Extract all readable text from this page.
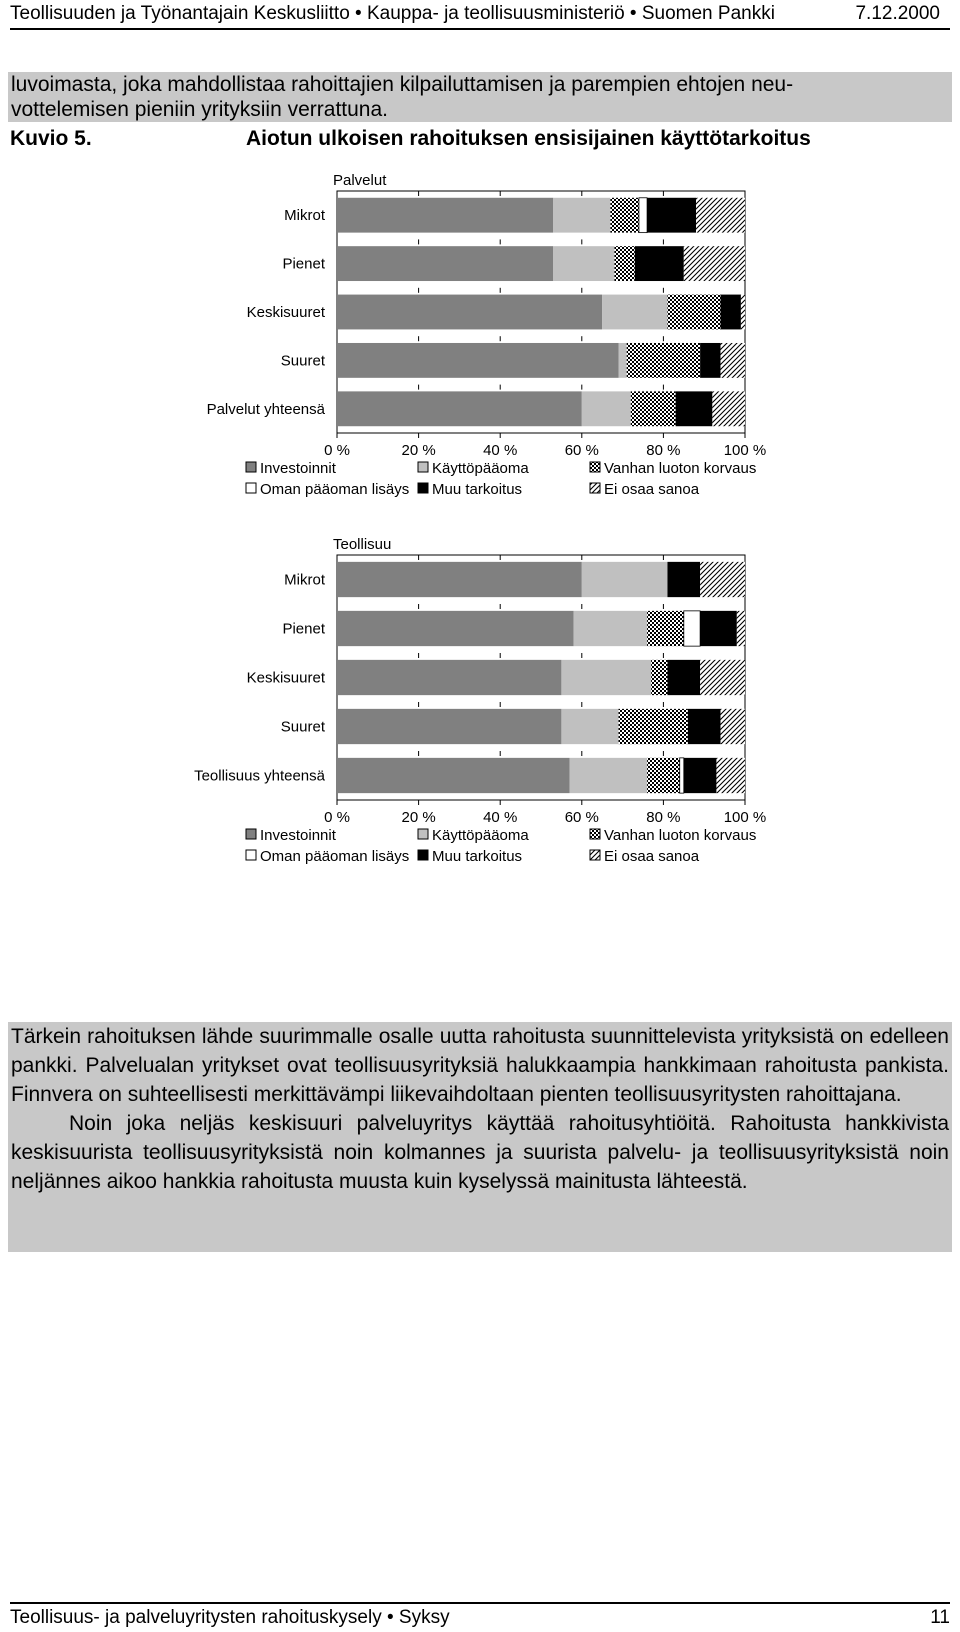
Teollisuuden ja Työnantajain Keskusliitto • Kauppa- ja teollisuusministeriö • Suomen Pankki	7.12.2000
luvoimasta, joka mahdollistaa rahoittajien kilpailuttamisen ja parempien ehtojen neu-
vottelemisen pieniin yrityksiin verrattuna.
Kuvio 5.	Aiotun ulkoisen rahoituksen ensisijainen käyttötarkoitus
Palvelut
0 %	20 %	40 %	60 %	80 %	100 %
Mikrot
Pienet
Keskisuuret
Suuret
Palvelut yhteensä
Investoinnit	Käyttöpääoma	Vanhan luoton korvaus
Oman pääoman lisäys Muu tarkoitus	Ei osaa sanoa
Teollisuu
0 %	20 %	40 %	60 %	80 %	100 %
Mikrot
Pienet
Keskisuuret
Suuret
Teollisuus yhteensä
Investoinnit	Käyttöpääoma	Vanhan luoton korvaus
Oman pääoman lisäys Muu tarkoitus	Ei osaa sanoa

Tärkein rahoituksen lähde suurimmalle osalle uutta rahoitusta suunnittelevista yrityksistä on edelleen pankki. Palvelualan yritykset ovat teollisuusyrityksiä halukkaampia hankkimaan rahoitusta pankista. Finnvera on suhteellisesti merkittävämpi liikevaihdoltaan pienten teollisuusyritysten rahoittajana.

Noin joka neljäs keskisuuri palveluyritys käyttää rahoitusyhtiöitä. Rahoitusta hankkivista keskisuurista teollisuusyrityksistä noin kolmannes ja suurista palvelu- ja teollisuusyrityksistä noin neljännes aikoo hankkia rahoitusta muusta kuin kyselyssä mainitusta lähteestä.

Teollisuus- ja palveluyritysten rahoituskysely • Syksy	11
